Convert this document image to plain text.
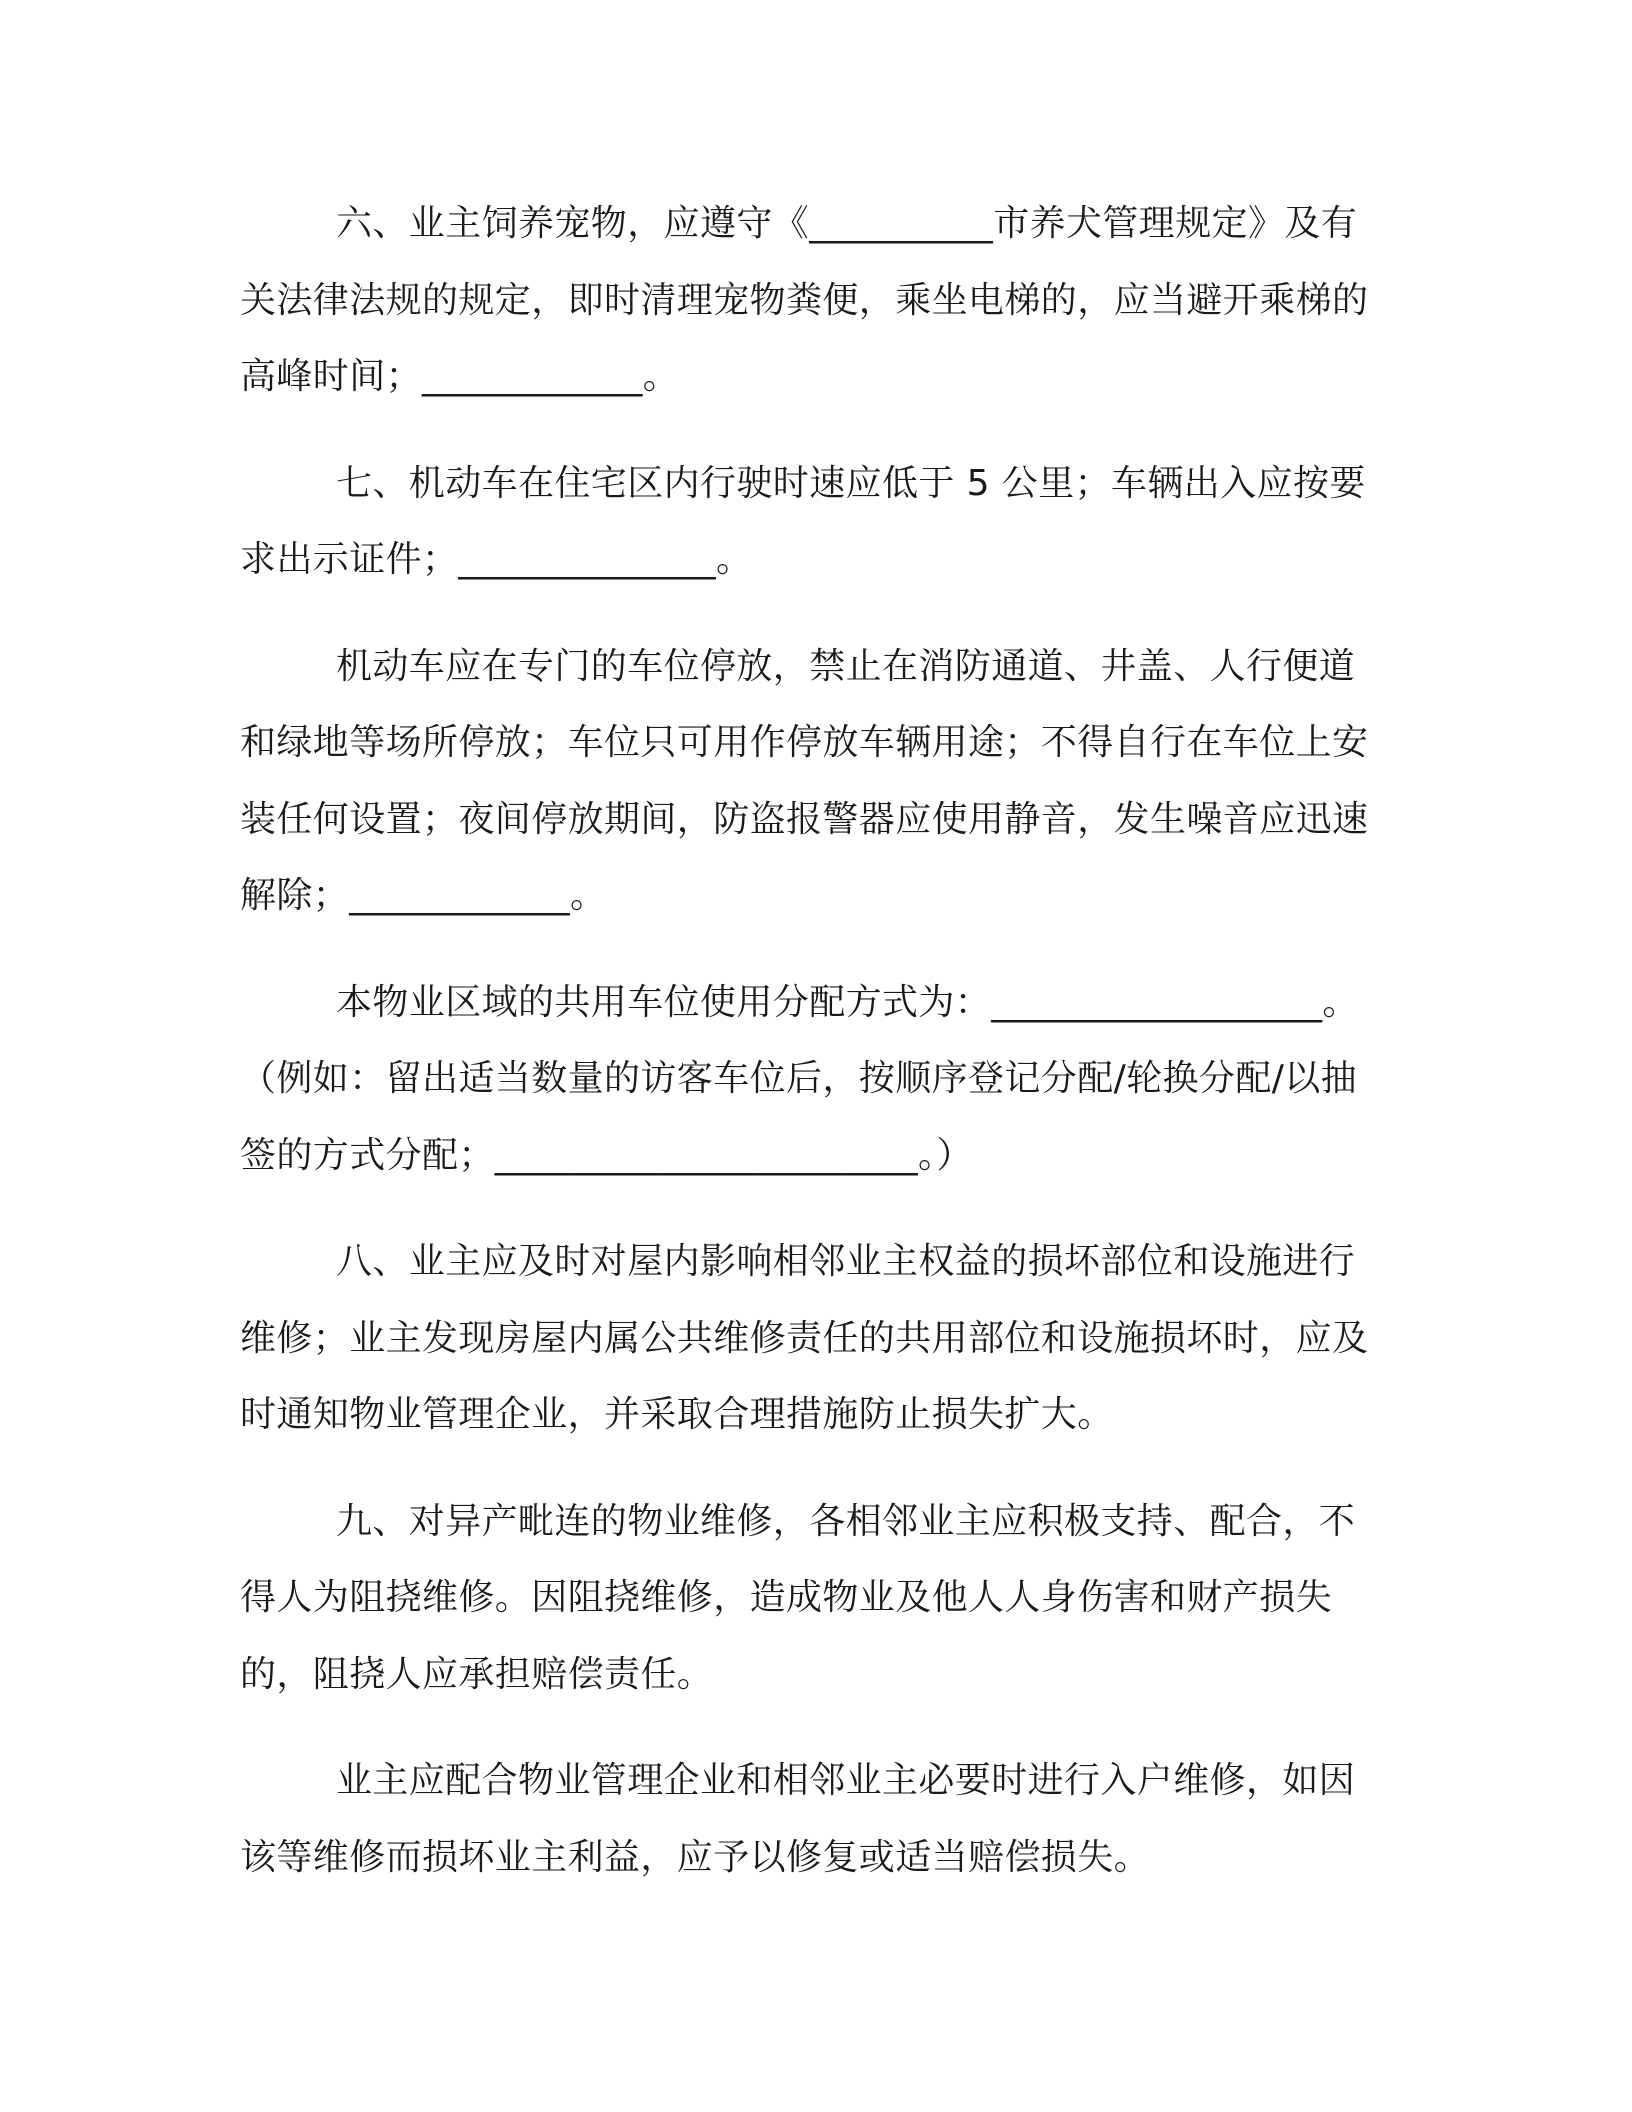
六、业主饲养宠物，应遵守《__________市养犬管理规定》及有关法律法规的规定，即时清理宠物粪便，乘坐电梯的，应当避开乘梯的高峰时间；____________。

七、机动车在住宅区内行驶时速应低于 5 公里；车辆出入应按要求出示证件；______________。

机动车应在专门的车位停放，禁止在消防通道、井盖、人行便道和绿地等场所停放；车位只可用作停放车辆用途；不得自行在车位上安装任何设置；夜间停放期间，防盗报警器应使用静音，发生噪音应迅速解除；____________。

本物业区域的共用车位使用分配方式为：__________________。（例如：留出适当数量的访客车位后，按顺序登记分配/轮换分配/以抽签的方式分配；_______________________。）

八、业主应及时对屋内影响相邻业主权益的损坏部位和设施进行维修；业主发现房屋内属公共维修责任的共用部位和设施损坏时，应及时通知物业管理企业，并采取合理措施防止损失扩大。

九、对异产毗连的物业维修，各相邻业主应积极支持、配合，不得人为阻挠维修。因阻挠维修，造成物业及他人人身伤害和财产损失的，阻挠人应承担赔偿责任。

业主应配合物业管理企业和相邻业主必要时进行入户维修，如因该等维修而损坏业主利益，应予以修复或适当赔偿损失。
